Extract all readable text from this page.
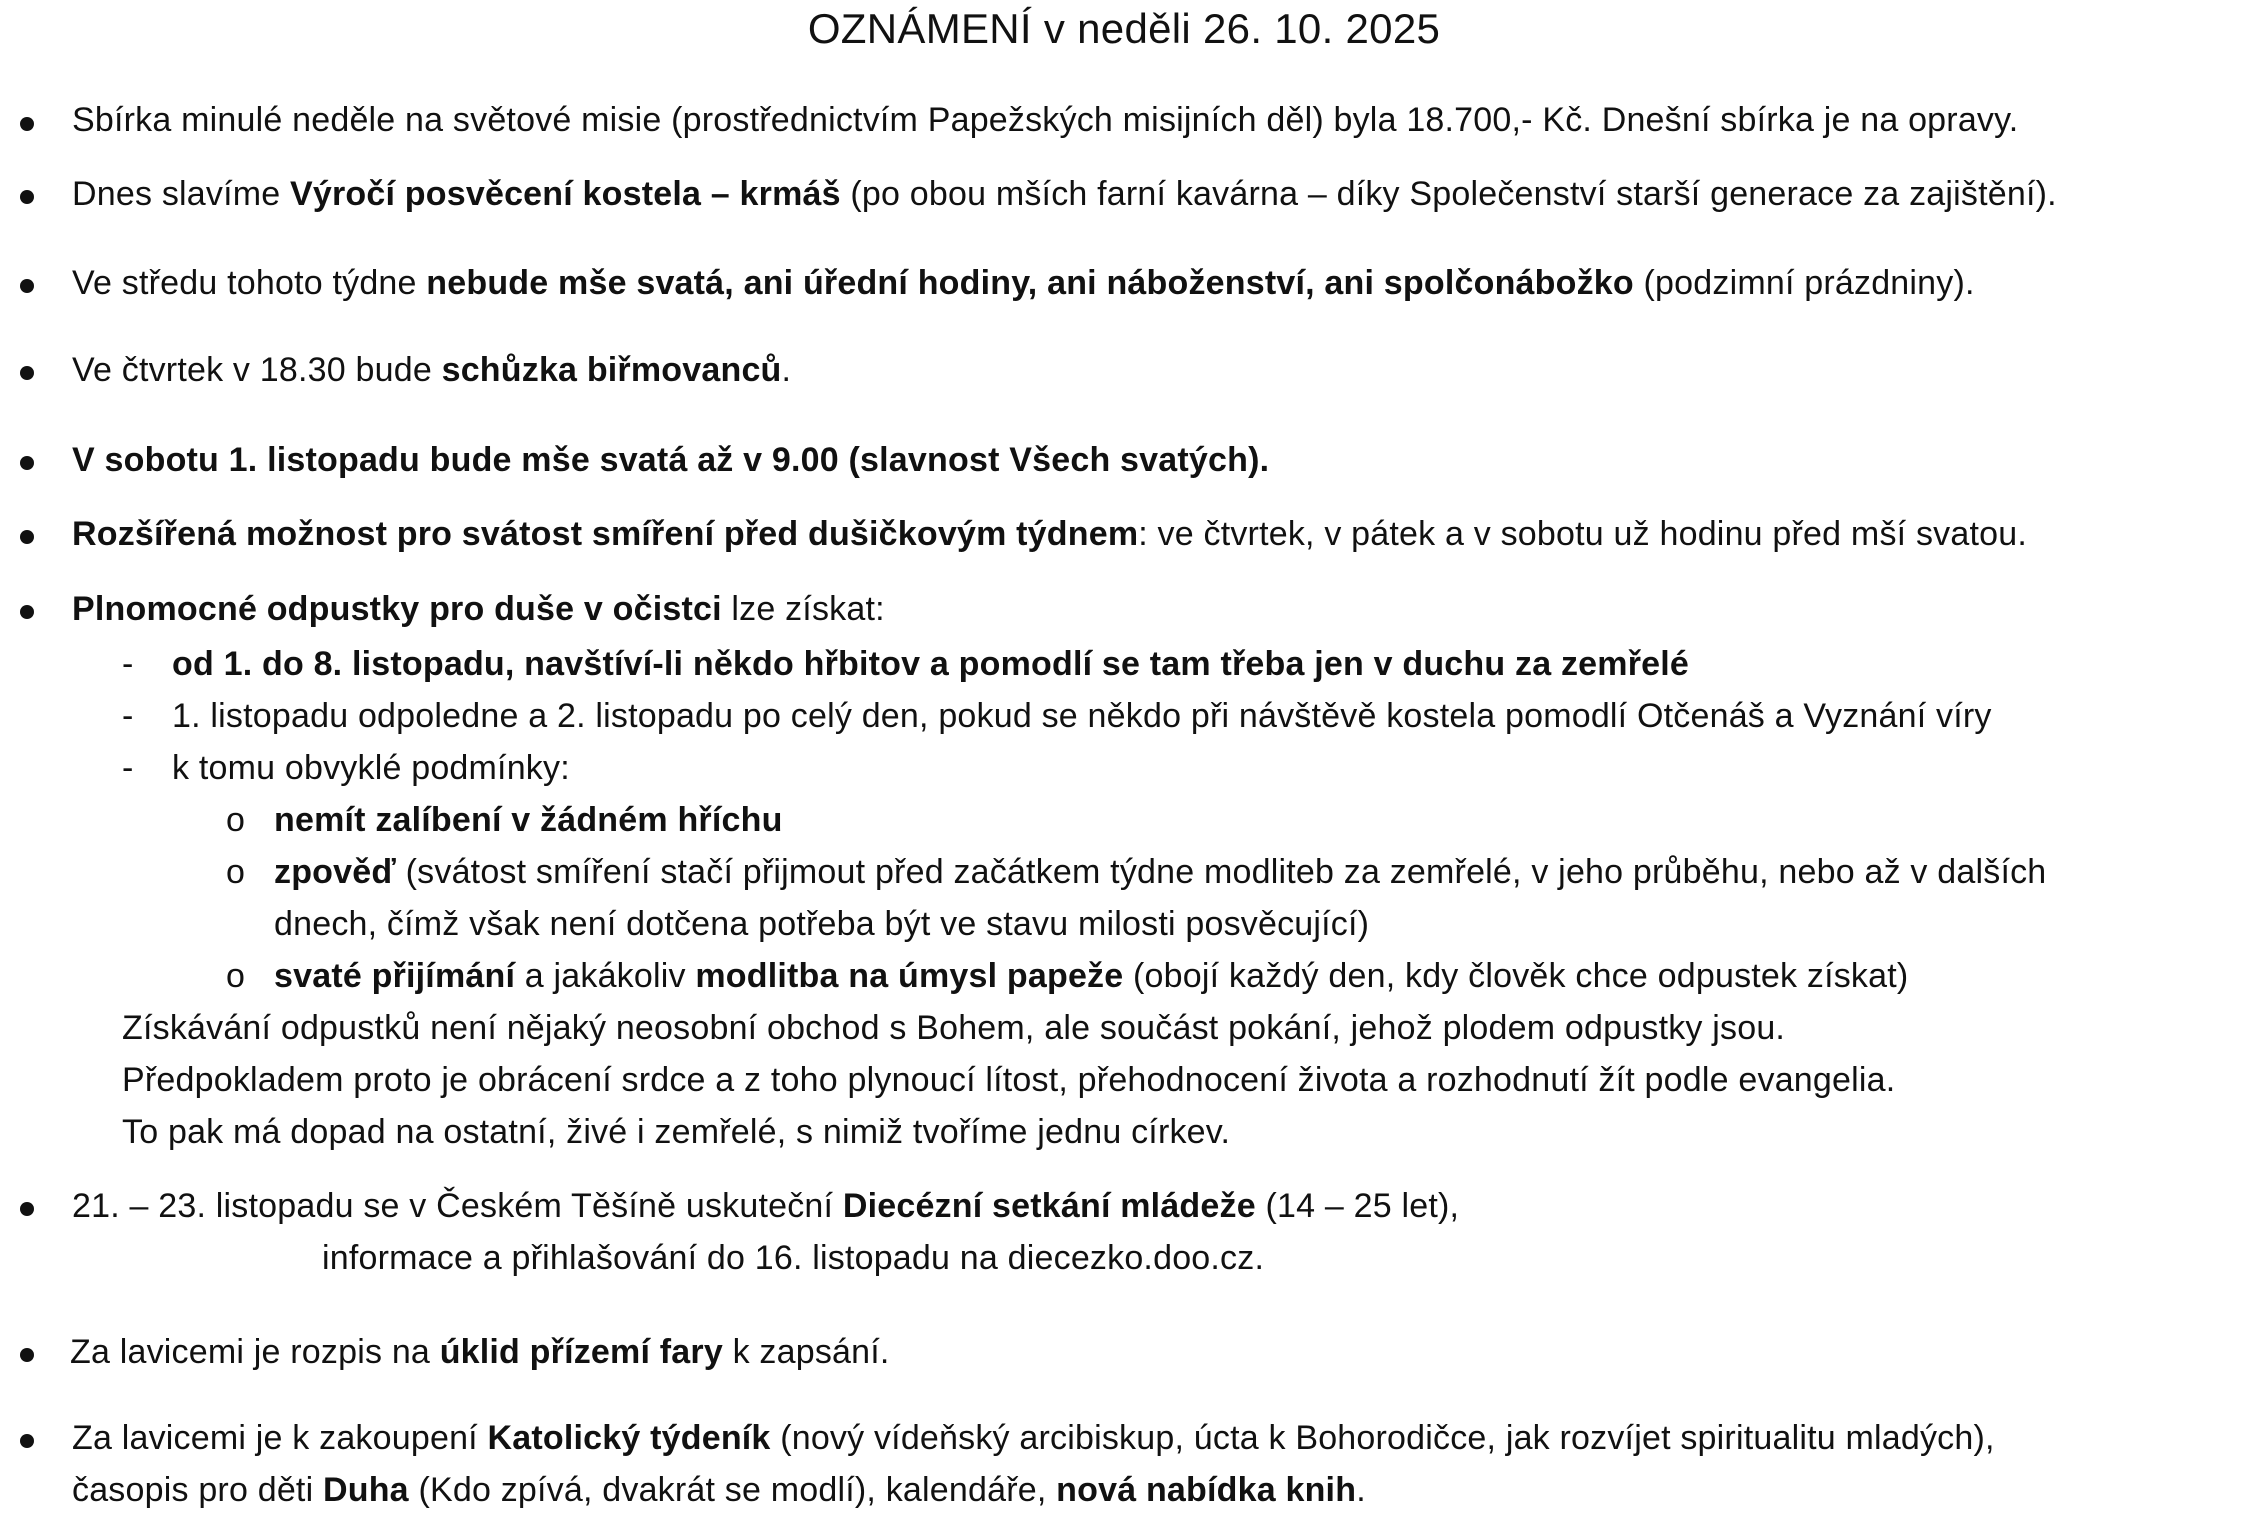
OZNÁMENÍ v neděli 26. 10. 2025
Sbírka minulé neděle na světové misie (prostřednictvím Papežských misijních děl) byla 18.700,- Kč. Dnešní sbírka je na opravy.
Dnes slavíme Výročí posvěcení kostela – krmáš (po obou mších farní kavárna – díky Společenství starší generace za zajištění).
Ve středu tohoto týdne nebude mše svatá, ani úřední hodiny, ani náboženství, ani spolčonábožko (podzimní prázdniny).
Ve čtvrtek v 18.30 bude schůzka biřmovanců.
V sobotu 1. listopadu bude mše svatá až v 9.00 (slavnost Všech svatých).
Rozšířená možnost pro svátost smíření před dušičkovým týdnem: ve čtvrtek, v pátek a v sobotu už hodinu před mší svatou.
Plnomocné odpustky pro duše v očistci lze získat:
- od 1. do 8. listopadu, navštíví-li někdo hřbitov a pomodlí se tam třeba jen v duchu za zemřelé
- 1. listopadu odpoledne a 2. listopadu po celý den, pokud se někdo při návštěvě kostela pomodlí Otčenáš a Vyznání víry
- k tomu obvyklé podmínky:
o nemít zalíbení v žádném hříchu
o zpověď (svátost smíření stačí přijmout před začátkem týdne modliteb za zemřelé, v jeho průběhu, nebo až v dalších
dnech, čímž však není dotčena potřeba být ve stavu milosti posvěcující)
o svaté přijímání a jakákoliv modlitba na úmysl papeže (obojí každý den, kdy člověk chce odpustek získat)
Získávání odpustků není nějaký neosobní obchod s Bohem, ale součást pokání, jehož plodem odpustky jsou.
Předpokladem proto je obrácení srdce a z toho plynoucí lítost, přehodnocení života a rozhodnutí žít podle evangelia.
To pak má dopad na ostatní, živé i zemřelé, s nimiž tvoříme jednu církev.
21. – 23. listopadu se v Českém Těšíně uskuteční Diecézní setkání mládeže (14 – 25 let),
informace a přihlašování do 16. listopadu na diecezko.doo.cz.
Za lavicemi je rozpis na úklid přízemí fary k zapsání.
Za lavicemi je k zakoupení Katolický týdeník (nový vídeňský arcibiskup, úcta k Bohorodičce, jak rozvíjet spiritualitu mladých),
časopis pro děti Duha (Kdo zpívá, dvakrát se modlí), kalendáře, nová nabídka knih.
